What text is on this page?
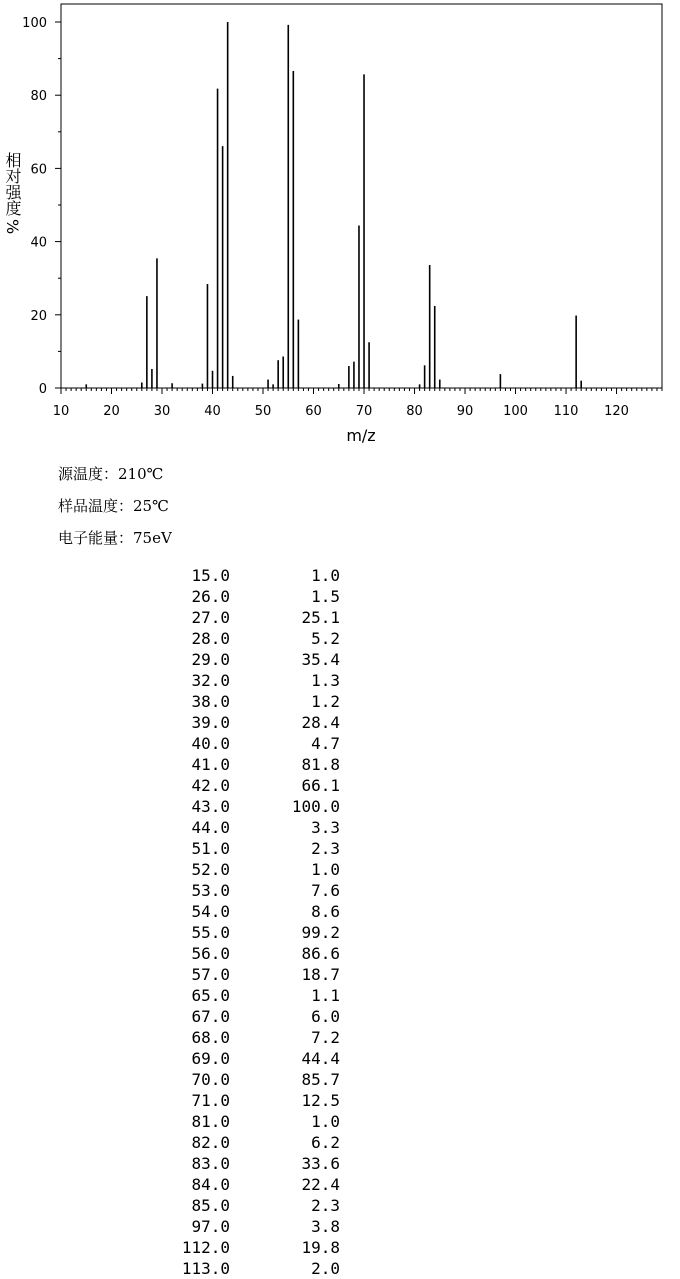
10	20	30	40	50	60	70	80	90 100 110 120
0
20
40
60
80
100
m/z
相对强度%
源温度：210℃
样品温度：25℃
电子能量：75eV
15.0	1.0
26.0	1.5
27.0	25.1
28.0	5.2
29.0	35.4
32.0	1.3
38.0	1.2
39.0	28.4
40.0	4.7
41.0	81.8
42.0	66.1
43.0	100.0
44.0	3.3
51.0	2.3
52.0	1.0
53.0	7.6
54.0	8.6
55.0	99.2
56.0	86.6
57.0	18.7
65.0	1.1
67.0	6.0
68.0	7.2
69.0	44.4
70.0	85.7
71.0	12.5
81.0	1.0
82.0	6.2
83.0	33.6
84.0	22.4
85.0	2.3
97.0	3.8
112.0	19.8
113.0	2.0
